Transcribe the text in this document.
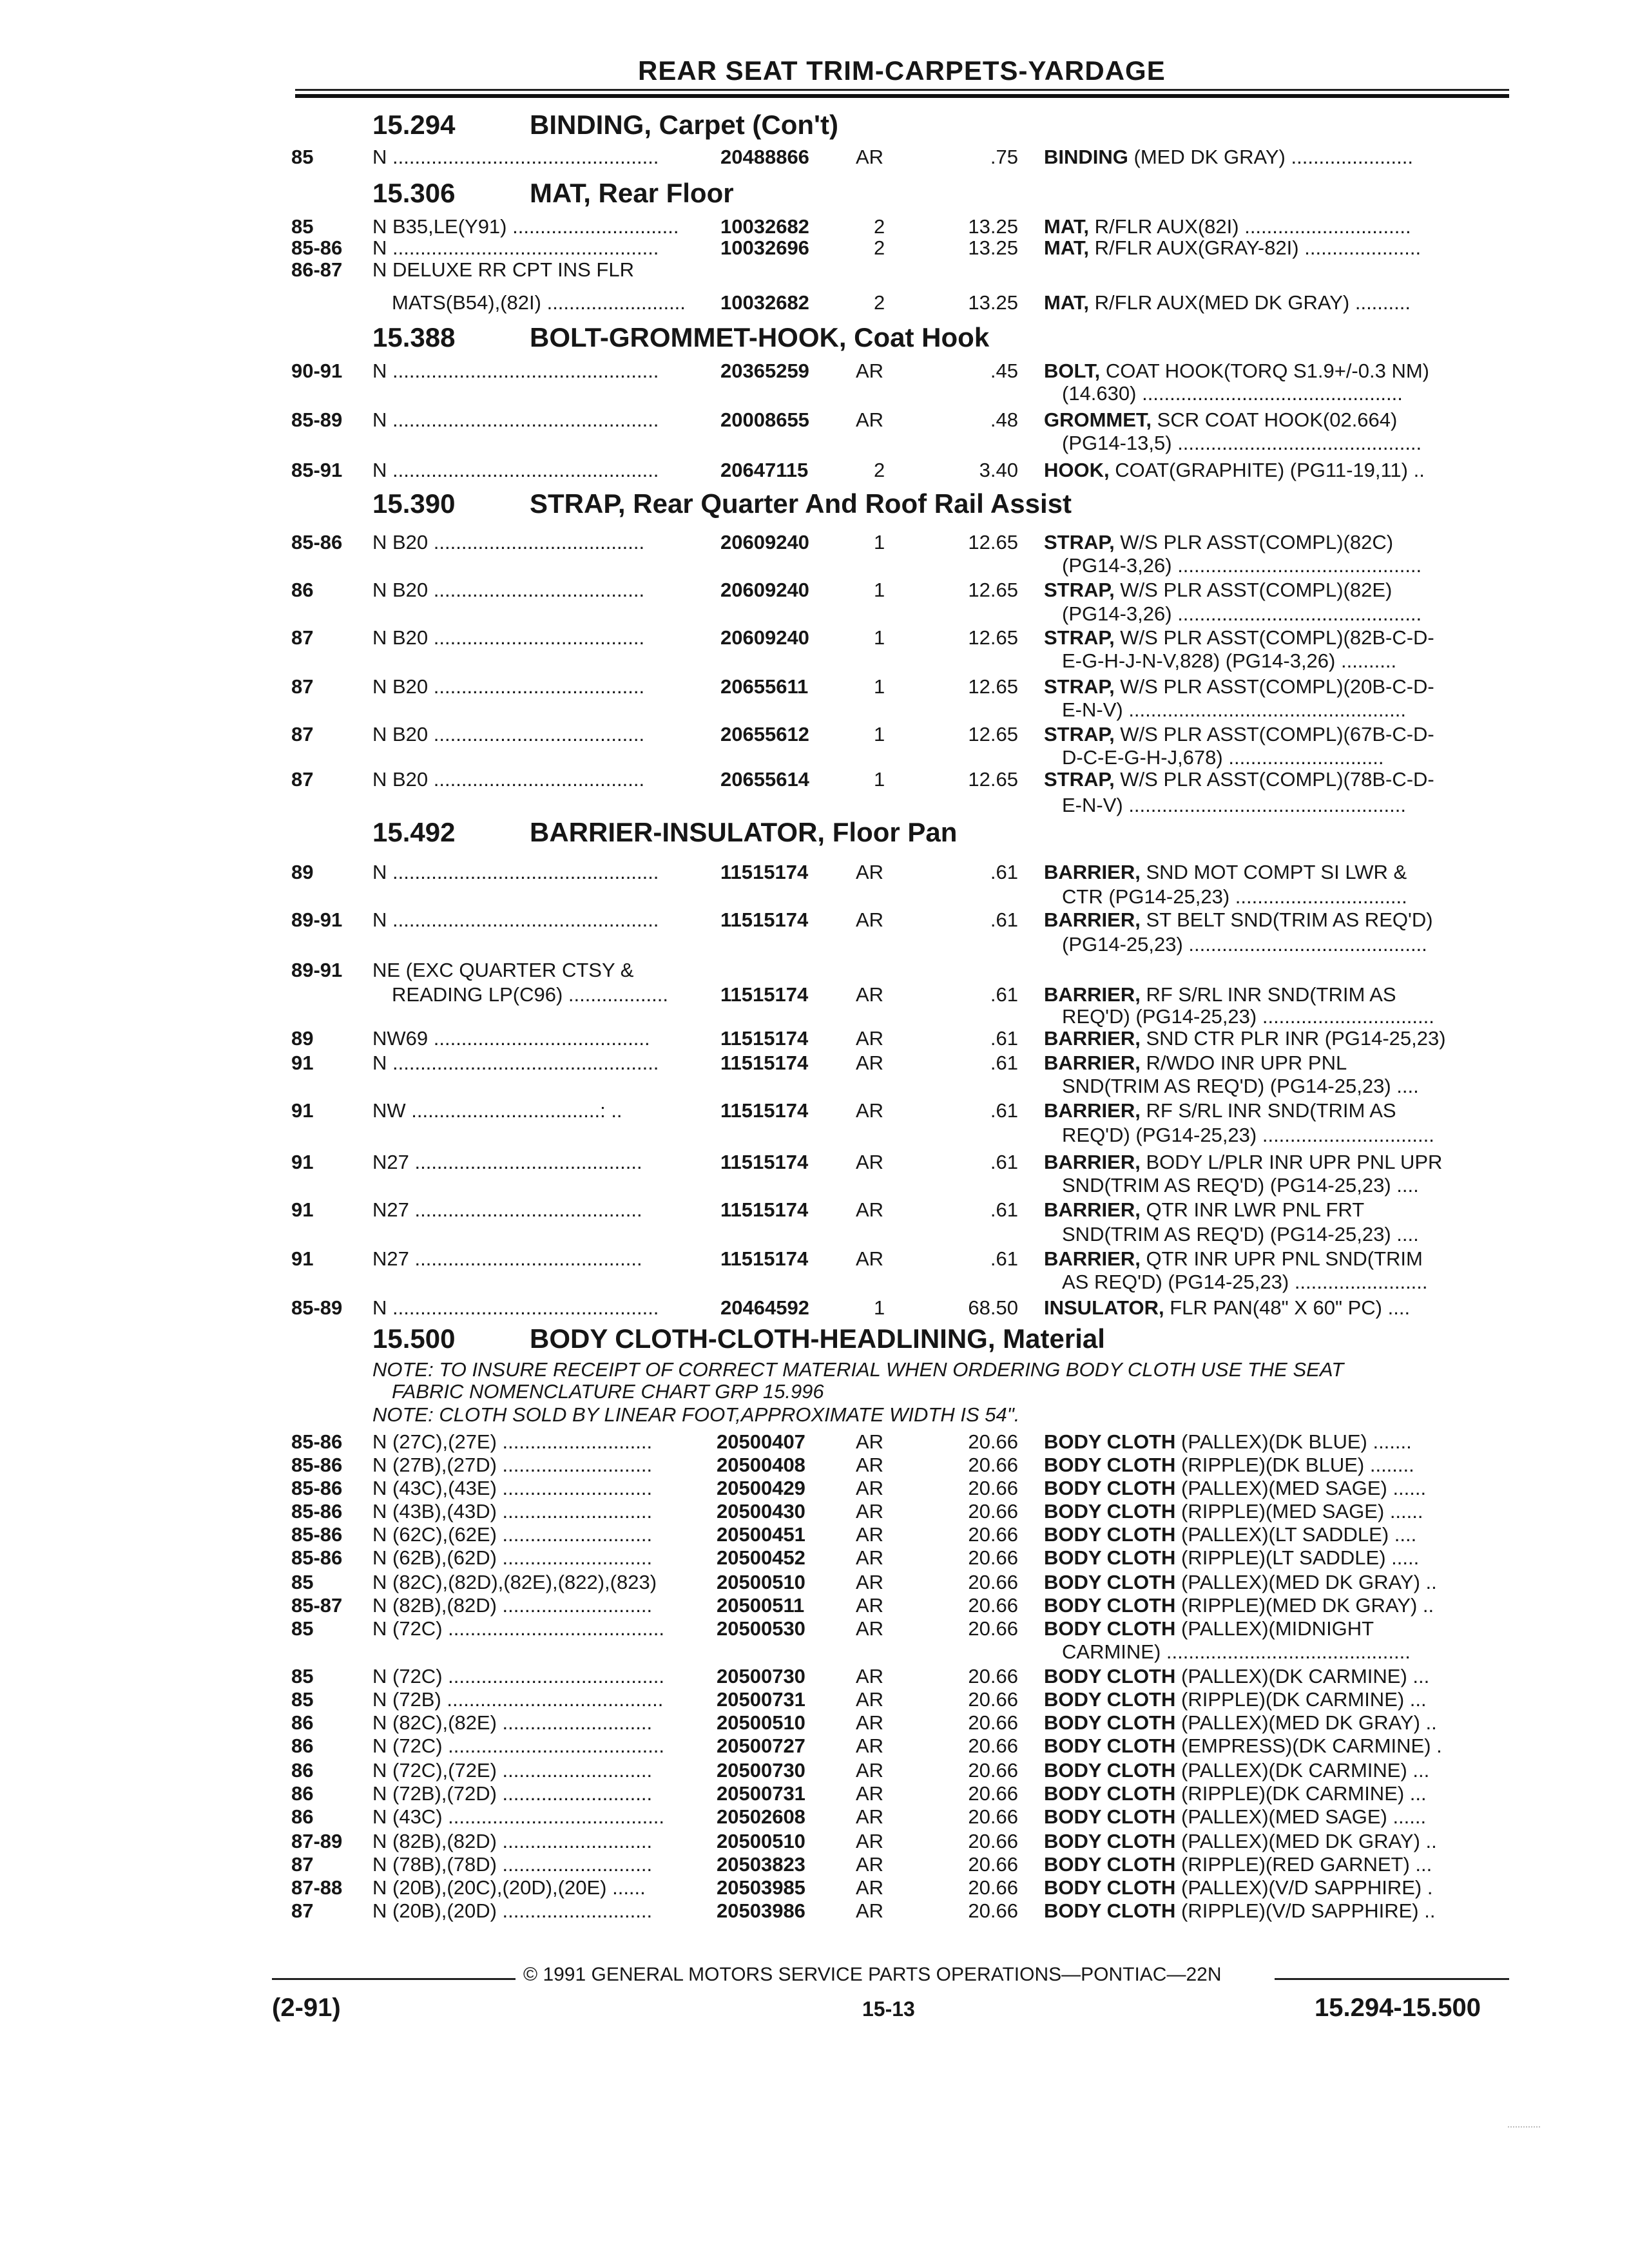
REAR SEAT TRIM-CARPETS-YARDAGE
15.294	BINDING, Carpet (Con't)
85	N ................................................	20488866 AR	.75 BINDING (MED DK GRAY) ......................
15.306	MAT, Rear Floor
85	N B35,LE(Y91) ..............................	10032682	2	13.25 MAT, R/FLR AUX(82I) ..............................
85-86 N ................................................	10032696	2	13.25 MAT, R/FLR AUX(GRAY-82I) .....................
86-87 N DELUXE RR CPT INS FLR
MATS(B54),(82I) .........................	10032682	2	13.25 MAT, R/FLR AUX(MED DK GRAY) ..........
15.388	BOLT-GROMMET-HOOK, Coat Hook
90-91 N ................................................	20365259 AR	.45 BOLT, COAT HOOK(TORQ S1.9+/-0.3 NM)
(14.630) ...............................................
85-89 N ................................................	20008655 AR	.48 GROMMET, SCR COAT HOOK(02.664)
(PG14-13,5) ............................................
85-91 N ................................................	20647115	2	3.40 HOOK, COAT(GRAPHITE) (PG11-19,11) ..
15.390	STRAP, Rear Quarter And Roof Rail Assist
85-86 N B20 ......................................	20609240	1	12.65 STRAP, W/S PLR ASST(COMPL)(82C)
(PG14-3,26) ............................................
86	N B20 ......................................	20609240	1	12.65 STRAP, W/S PLR ASST(COMPL)(82E)
(PG14-3,26) ............................................
87	N B20 ......................................	20609240	1	12.65 STRAP, W/S PLR ASST(COMPL)(82B-C-D-
E-G-H-J-N-V,828) (PG14-3,26) ..........
87	N B20 ......................................	20655611	1	12.65 STRAP, W/S PLR ASST(COMPL)(20B-C-D-
E-N-V) ..................................................
87	N B20 ......................................	20655612	1	12.65 STRAP, W/S PLR ASST(COMPL)(67B-C-D-
D-C-E-G-H-J,678) ............................
87	N B20 ......................................	20655614	1	12.65 STRAP, W/S PLR ASST(COMPL)(78B-C-D-
E-N-V) ..................................................
15.492	BARRIER-INSULATOR, Floor Pan
89	N ................................................	11515174 AR	.61 BARRIER, SND MOT COMPT SI LWR &
CTR (PG14-25,23) ...............................
89-91 N ................................................	11515174 AR	.61 BARRIER, ST BELT SND(TRIM AS REQ'D)
(PG14-25,23) ...........................................
89-91 NE (EXC QUARTER CTSY &
READING LP(C96) ..................	11515174 AR	.61 BARRIER, RF S/RL INR SND(TRIM AS
REQ'D) (PG14-25,23) ...............................
89	NW69 .......................................	11515174 AR	.61 BARRIER, SND CTR PLR INR (PG14-25,23)
91	N ................................................	11515174 AR	.61 BARRIER, R/WDO INR UPR PNL
SND(TRIM AS REQ'D) (PG14-25,23) ....
91	NW ..................................: ..	11515174 AR	.61 BARRIER, RF S/RL INR SND(TRIM AS
REQ'D) (PG14-25,23) ...............................
91	N27 .........................................	11515174 AR	.61 BARRIER, BODY L/PLR INR UPR PNL UPR
SND(TRIM AS REQ'D) (PG14-25,23) ....
91	N27 .........................................	11515174 AR	.61 BARRIER, QTR INR LWR PNL FRT
SND(TRIM AS REQ'D) (PG14-25,23) ....
91	N27 .........................................	11515174 AR	.61 BARRIER, QTR INR UPR PNL SND(TRIM
AS REQ'D) (PG14-25,23) ........................
85-89 N ................................................	20464592	1	68.50 INSULATOR, FLR PAN(48" X 60" PC) ....
15.500	BODY CLOTH-CLOTH-HEADLINING, Material
NOTE: TO INSURE RECEIPT OF CORRECT MATERIAL WHEN ORDERING BODY CLOTH USE THE SEAT
FABRIC NOMENCLATURE CHART GRP 15.996
NOTE: CLOTH SOLD BY LINEAR FOOT,APPROXIMATE WIDTH IS 54".
85-86 N (27C),(27E) ...........................	20500407	AR	20.66 BODY CLOTH (PALLEX)(DK BLUE) .......
85-86 N (27B),(27D) ...........................	20500408	AR	20.66 BODY CLOTH (RIPPLE)(DK BLUE) ........
85-86 N (43C),(43E) ...........................	20500429	AR	20.66 BODY CLOTH (PALLEX)(MED SAGE) ......
85-86 N (43B),(43D) ...........................	20500430	AR	20.66 BODY CLOTH (RIPPLE)(MED SAGE) ......
85-86 N (62C),(62E) ...........................	20500451	AR	20.66 BODY CLOTH (PALLEX)(LT SADDLE) ....
85-86 N (62B),(62D) ...........................	20500452	AR	20.66 BODY CLOTH (RIPPLE)(LT SADDLE) .....
85	N (82C),(82D),(82E),(822),(823)	20500510	AR	20.66 BODY CLOTH (PALLEX)(MED DK GRAY) ..
85-87 N (82B),(82D) ...........................	20500511	AR	20.66 BODY CLOTH (RIPPLE)(MED DK GRAY) ..
85	N (72C) .......................................	20500530	AR	20.66 BODY CLOTH (PALLEX)(MIDNIGHT
CARMINE) ............................................
85	N (72C) .......................................	20500730	AR	20.66 BODY CLOTH (PALLEX)(DK CARMINE) ...
85	N (72B) .......................................	20500731	AR	20.66 BODY CLOTH (RIPPLE)(DK CARMINE) ...
86	N (82C),(82E) ...........................	20500510	AR	20.66 BODY CLOTH (PALLEX)(MED DK GRAY) ..
86	N (72C) .......................................	20500727	AR	20.66 BODY CLOTH (EMPRESS)(DK CARMINE) .
86	N (72C),(72E) ...........................	20500730	AR	20.66 BODY CLOTH (PALLEX)(DK CARMINE) ...
86	N (72B),(72D) ...........................	20500731	AR	20.66 BODY CLOTH (RIPPLE)(DK CARMINE) ...
86	N (43C) .......................................	20502608	AR	20.66 BODY CLOTH (PALLEX)(MED SAGE) ......
87-89 N (82B),(82D) ...........................	20500510	AR	20.66 BODY CLOTH (PALLEX)(MED DK GRAY) ..
87	N (78B),(78D) ...........................	20503823	AR	20.66 BODY CLOTH (RIPPLE)(RED GARNET) ...
87-88 N (20B),(20C),(20D),(20E) ......	20503985	AR	20.66 BODY CLOTH (PALLEX)(V/D SAPPHIRE) .
87	N (20B),(20D) ...........................	20503986	AR	20.66 BODY CLOTH (RIPPLE)(V/D SAPPHIRE) ..
© 1991 GENERAL MOTORS SERVICE PARTS OPERATIONS—PONTIAC—22N
(2-91)	15-13	15.294-15.500
